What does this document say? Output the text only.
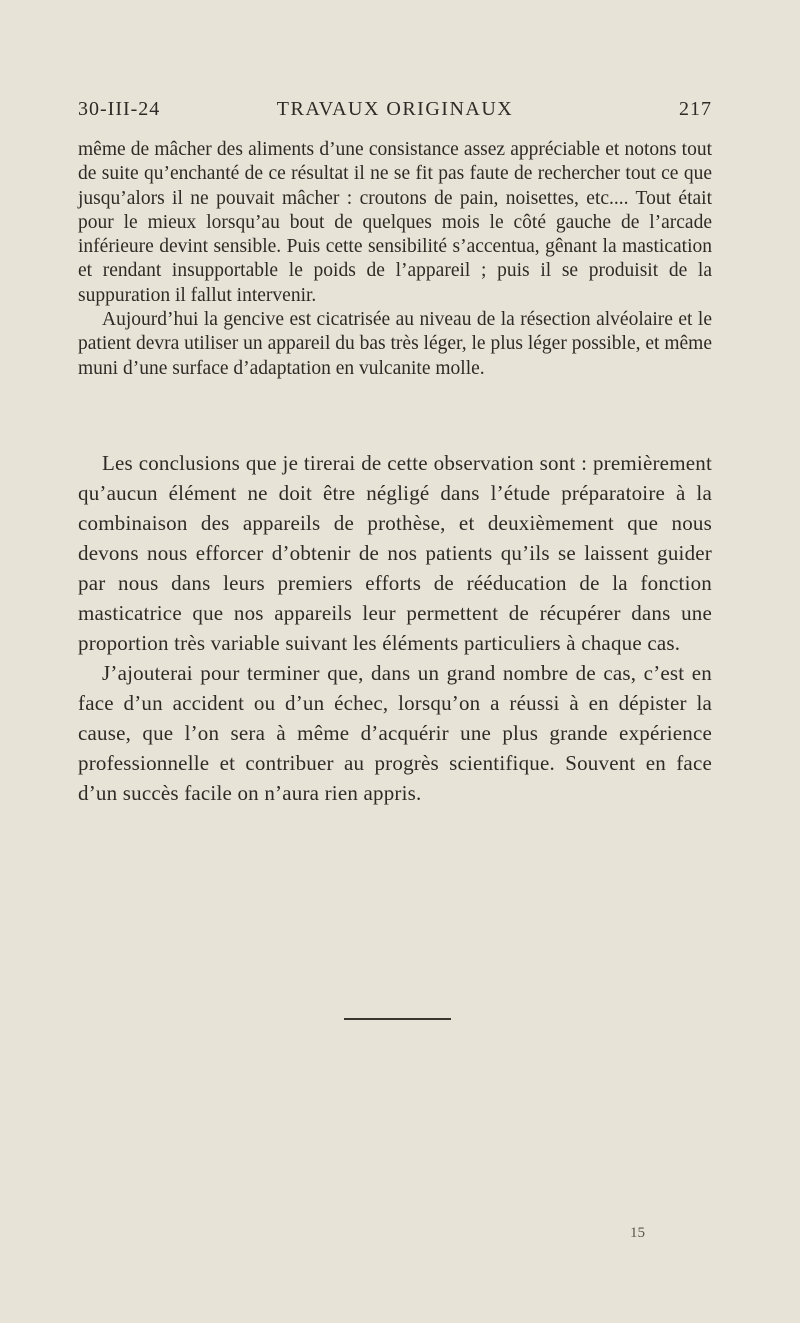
30-III-24	TRAVAUX ORIGINAUX	217

même de mâcher des aliments d’une consistance assez appréciable et notons tout de suite qu’enchanté de ce résultat il ne se fit pas faute de rechercher tout ce que jusqu’alors il ne pouvait mâcher : croutons de pain, noisettes, etc.... Tout était pour le mieux lorsqu’au bout de quelques mois le côté gauche de l’arcade inférieure devint sensible. Puis cette sensibilité s’accentua, gênant la mastication et rendant insupportable le poids de l’appareil ; puis il se produisit de la suppuration il fallut intervenir.

Aujourd’hui la gencive est cicatrisée au niveau de la résection alvéolaire et le patient devra utiliser un appareil du bas très léger, le plus léger possible, et même muni d’une surface d’adaptation en vulcanite molle.

Les conclusions que je tirerai de cette observation sont : premièrement qu’aucun élément ne doit être négligé dans l’étude préparatoire à la combinaison des appareils de prothèse, et deuxièmement que nous devons nous efforcer d’obtenir de nos patients qu’ils se laissent guider par nous dans leurs premiers efforts de rééducation de la fonction masticatrice que nos appareils leur permettent de récupérer dans une proportion très variable suivant les éléments particuliers à chaque cas.

J’ajouterai pour terminer que, dans un grand nombre de cas, c’est en face d’un accident ou d’un échec, lorsqu’on a réussi à en dépister la cause, que l’on sera à même d’acquérir une plus grande expérience professionnelle et contribuer au progrès scientifique. Souvent en face d’un succès facile on n’aura rien appris.

15
